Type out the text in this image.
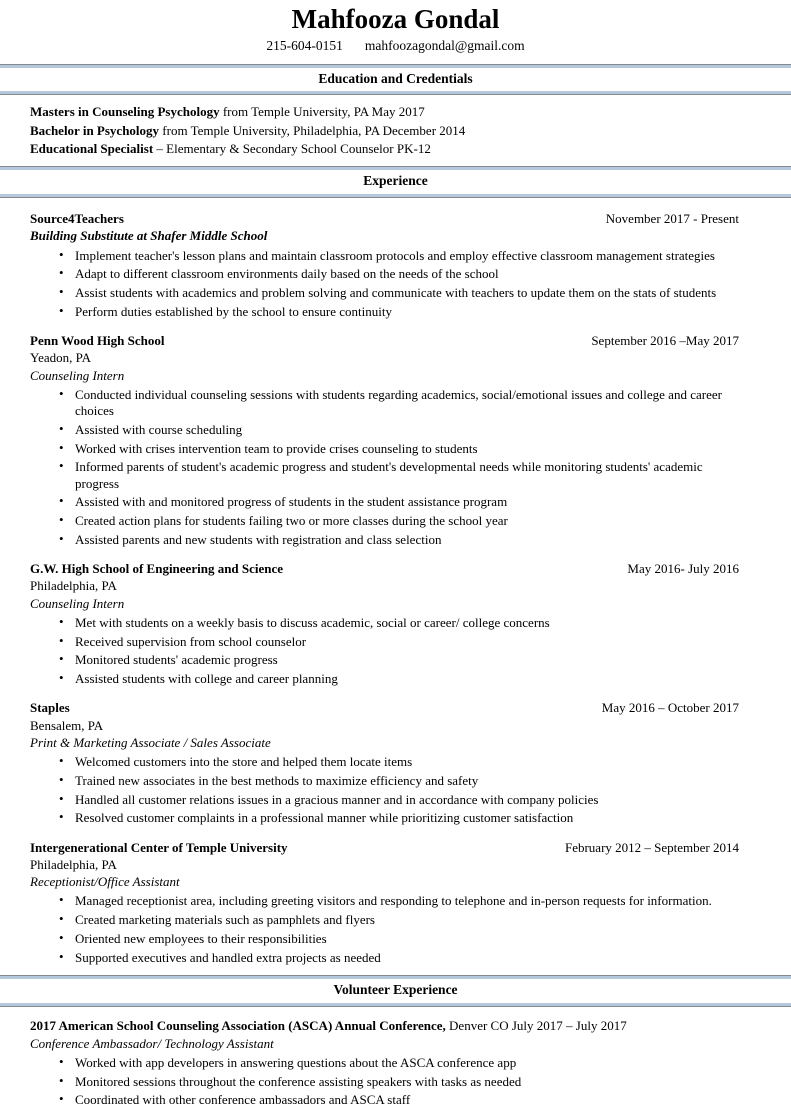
Mahfooza Gondal
215-604-0151 mahfoozagondal@gmail.com
Education and Credentials

Masters in Counseling Psychology from Temple University, PA May 2017

Bachelor in Psychology from Temple University, Philadelphia, PA December 2014

Educational Specialist – Elementary & Secondary School Counselor PK-12

Experience
Source4Teachers	November 2017 - Present
Building Substitute at Shafer Middle School
• Implement teacher's lesson plans and maintain classroom protocols and employ effective classroom management strategies
• Adapt to different classroom environments daily based on the needs of the school
• Assist students with academics and problem solving and communicate with teachers to update them on the stats of students
• Perform duties established by the school to ensure continuity
Penn Wood High School	September 2016 –May 2017
Yeadon, PA
Counseling Intern
• Conducted individual counseling sessions with students regarding academics, social/emotional issues and college and career choices
• Assisted with course scheduling
• Worked with crises intervention team to provide crises counseling to students
• Informed parents of student's academic progress and student's developmental needs while monitoring students' academic progress
• Assisted with and monitored progress of students in the student assistance program
• Created action plans for students failing two or more classes during the school year
• Assisted parents and new students with registration and class selection
G.W. High School of Engineering and Science	May 2016- July 2016
Philadelphia, PA
Counseling Intern
• Met with students on a weekly basis to discuss academic, social or career/ college concerns
• Received supervision from school counselor
• Monitored students' academic progress
• Assisted students with college and career planning
Staples	May 2016 – October 2017
Bensalem, PA
Print & Marketing Associate / Sales Associate
• Welcomed customers into the store and helped them locate items
• Trained new associates in the best methods to maximize efficiency and safety
• Handled all customer relations issues in a gracious manner and in accordance with company policies
• Resolved customer complaints in a professional manner while prioritizing customer satisfaction
Intergenerational Center of Temple University	February 2012 – September 2014
Philadelphia, PA
Receptionist/Office Assistant
• Managed receptionist area, including greeting visitors and responding to telephone and in-person requests for information.
• Created marketing materials such as pamphlets and flyers
• Oriented new employees to their responsibilities
• Supported executives and handled extra projects as needed
Volunteer Experience
2017 American School Counseling Association (ASCA) Annual Conference, Denver CO July 2017 – July 2017
Conference Ambassador/ Technology Assistant
• Worked with app developers in answering questions about the ASCA conference app
• Monitored sessions throughout the conference assisting speakers with tasks as needed
• Coordinated with other conference ambassadors and ASCA staff
